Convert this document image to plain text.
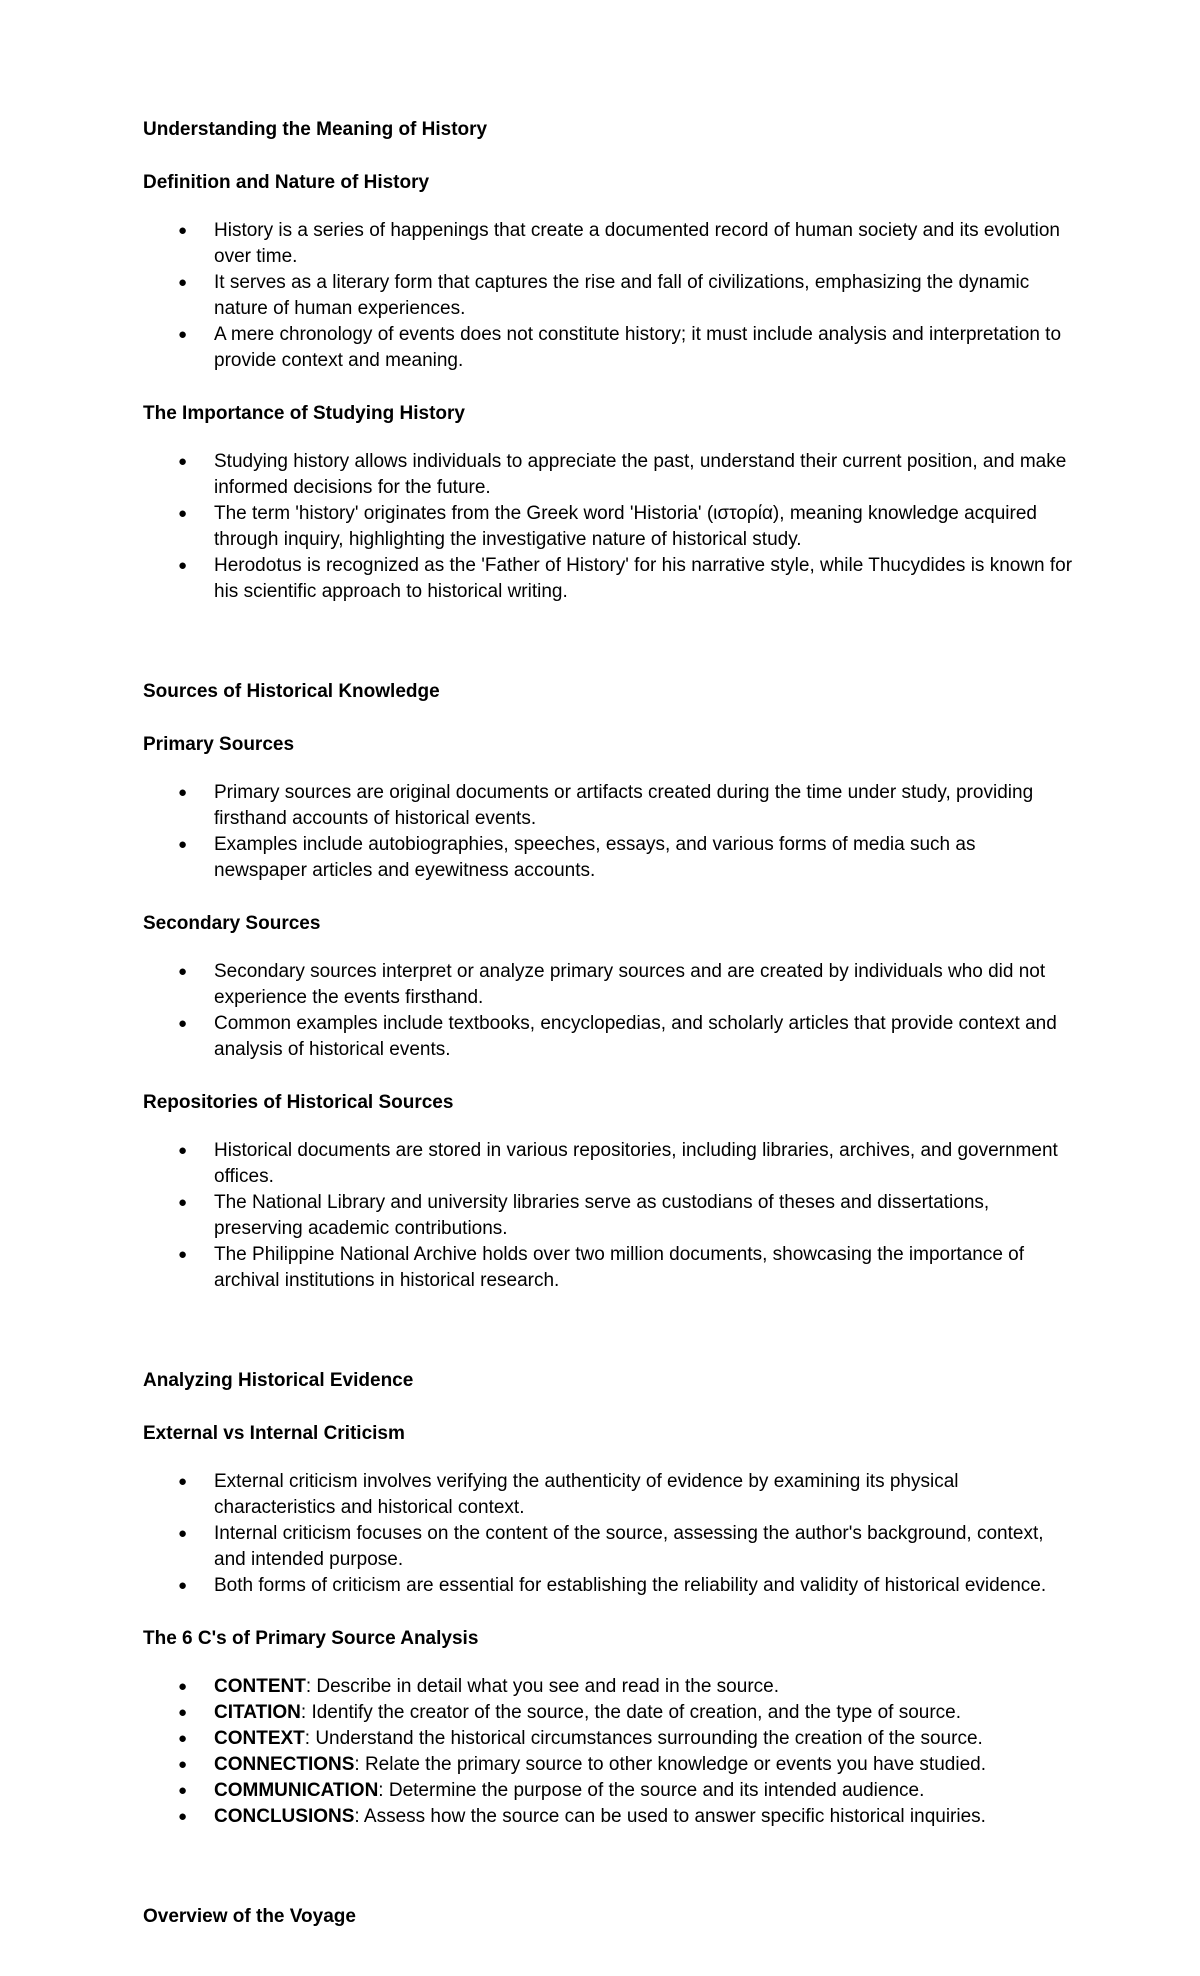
Understanding the Meaning of History
Definition and Nature of History
● History is a series of happenings that create a documented record of human society and its evolution over time.
● It serves as a literary form that captures the rise and fall of civilizations, emphasizing the dynamic nature of human experiences.
● A mere chronology of events does not constitute history; it must include analysis and interpretation to provide context and meaning.
The Importance of Studying History
● Studying history allows individuals to appreciate the past, understand their current position, and make informed decisions for the future.
● The term 'history' originates from the Greek word 'Historia' (ιστορία), meaning knowledge acquired through inquiry, highlighting the investigative nature of historical study.
● Herodotus is recognized as the 'Father of History' for his narrative style, while Thucydides is known for his scientific approach to historical writing.
Sources of Historical Knowledge
Primary Sources
● Primary sources are original documents or artifacts created during the time under study, providing firsthand accounts of historical events.
● Examples include autobiographies, speeches, essays, and various forms of media such as newspaper articles and eyewitness accounts.
Secondary Sources
● Secondary sources interpret or analyze primary sources and are created by individuals who did not experience the events firsthand.
● Common examples include textbooks, encyclopedias, and scholarly articles that provide context and analysis of historical events.
Repositories of Historical Sources
● Historical documents are stored in various repositories, including libraries, archives, and government offices.
● The National Library and university libraries serve as custodians of theses and dissertations, preserving academic contributions.
● The Philippine National Archive holds over two million documents, showcasing the importance of archival institutions in historical research.
Analyzing Historical Evidence
External vs Internal Criticism
● External criticism involves verifying the authenticity of evidence by examining its physical characteristics and historical context.
● Internal criticism focuses on the content of the source, assessing the author's background, context, and intended purpose.
● Both forms of criticism are essential for establishing the reliability and validity of historical evidence.
The 6 C's of Primary Source Analysis
● CONTENT: Describe in detail what you see and read in the source.
● CITATION: Identify the creator of the source, the date of creation, and the type of source.
● CONTEXT: Understand the historical circumstances surrounding the creation of the source.
● CONNECTIONS: Relate the primary source to other knowledge or events you have studied.
● COMMUNICATION: Determine the purpose of the source and its intended audience.
● CONCLUSIONS: Assess how the source can be used to answer specific historical inquiries.
Overview of the Voyage
